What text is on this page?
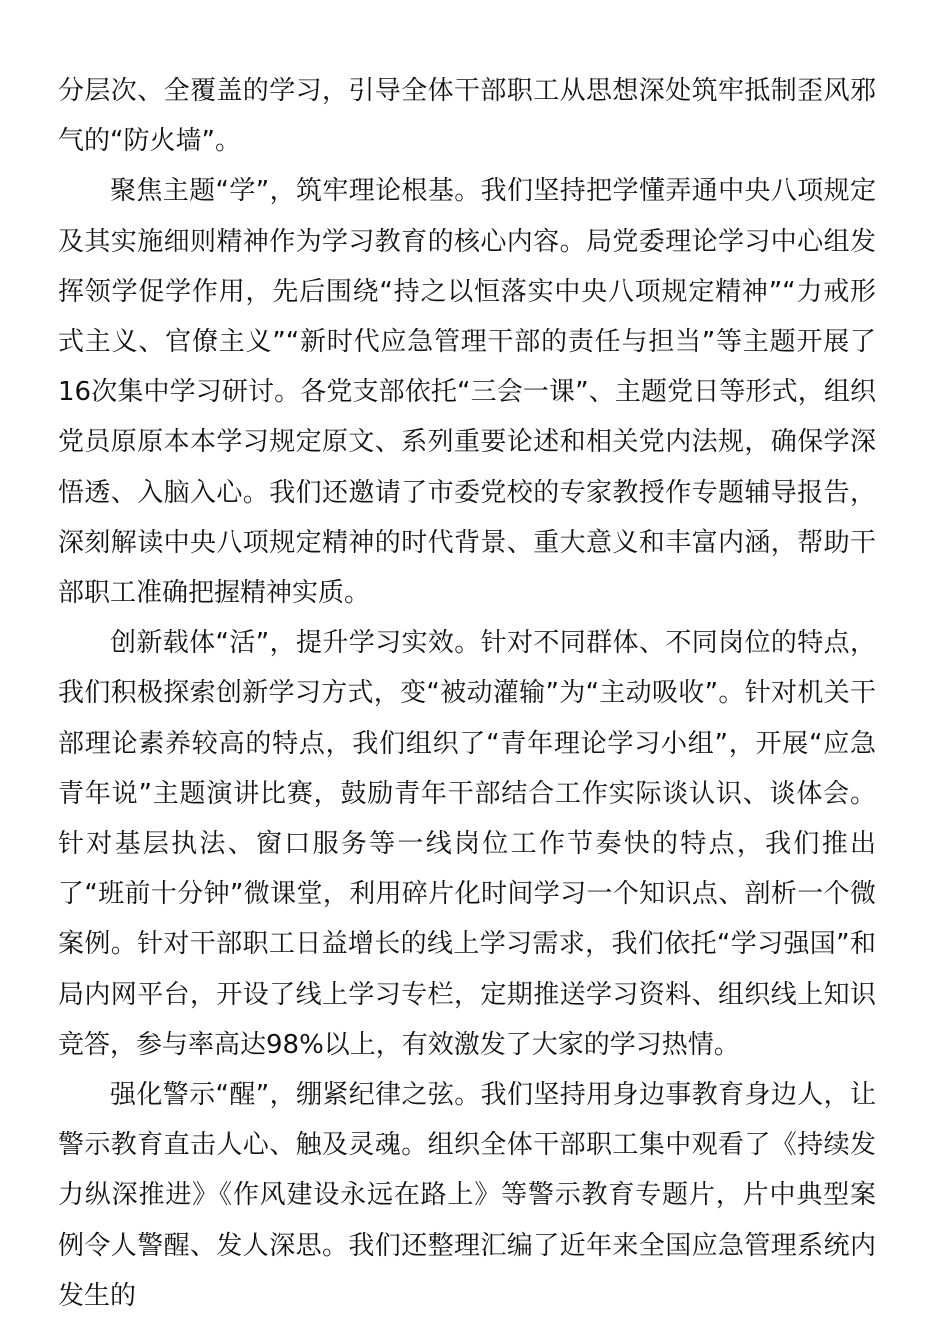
分层次、全覆盖的学习，引导全体干部职工从思想深处筑牢抵制歪风邪气的“防火墙”。

聚焦主题“学”，筑牢理论根基。我们坚持把学懂弄通中央八项规定及其实施细则精神作为学习教育的核心内容。局党委理论学习中心组发挥领学促学作用，先后围绕“持之以恒落实中央八项规定精神”“力戒形式主义、官僚主义”“新时代应急管理干部的责任与担当”等主题开展了16次集中学习研讨。各党支部依托“三会一课”、主题党日等形式，组织党员原原本本学习规定原文、系列重要论述和相关党内法规，确保学深悟透、入脑入心。我们还邀请了市委党校的专家教授作专题辅导报告，深刻解读中央八项规定精神的时代背景、重大意义和丰富内涵，帮助干部职工准确把握精神实质。

创新载体“活”，提升学习实效。针对不同群体、不同岗位的特点，我们积极探索创新学习方式，变“被动灌输”为“主动吸收”。针对机关干部理论素养较高的特点，我们组织了“青年理论学习小组”，开展“应急青年说”主题演讲比赛，鼓励青年干部结合工作实际谈认识、谈体会。针对基层执法、窗口服务等一线岗位工作节奏快的特点，我们推出了“班前十分钟”微课堂，利用碎片化时间学习一个知识点、剖析一个微案例。针对干部职工日益增长的线上学习需求，我们依托“学习强国”和局内网平台，开设了线上学习专栏，定期推送学习资料、组织线上知识竞答，参与率高达98%以上，有效激发了大家的学习热情。

强化警示“醒”，绷紧纪律之弦。我们坚持用身边事教育身边人，让警示教育直击人心、触及灵魂。组织全体干部职工集中观看了《持续发力纵深推进》《作风建设永远在路上》等警示教育专题片，片中典型案例令人警醒、发人深思。我们还整理汇编了近年来全国应急管理系统内发生的
